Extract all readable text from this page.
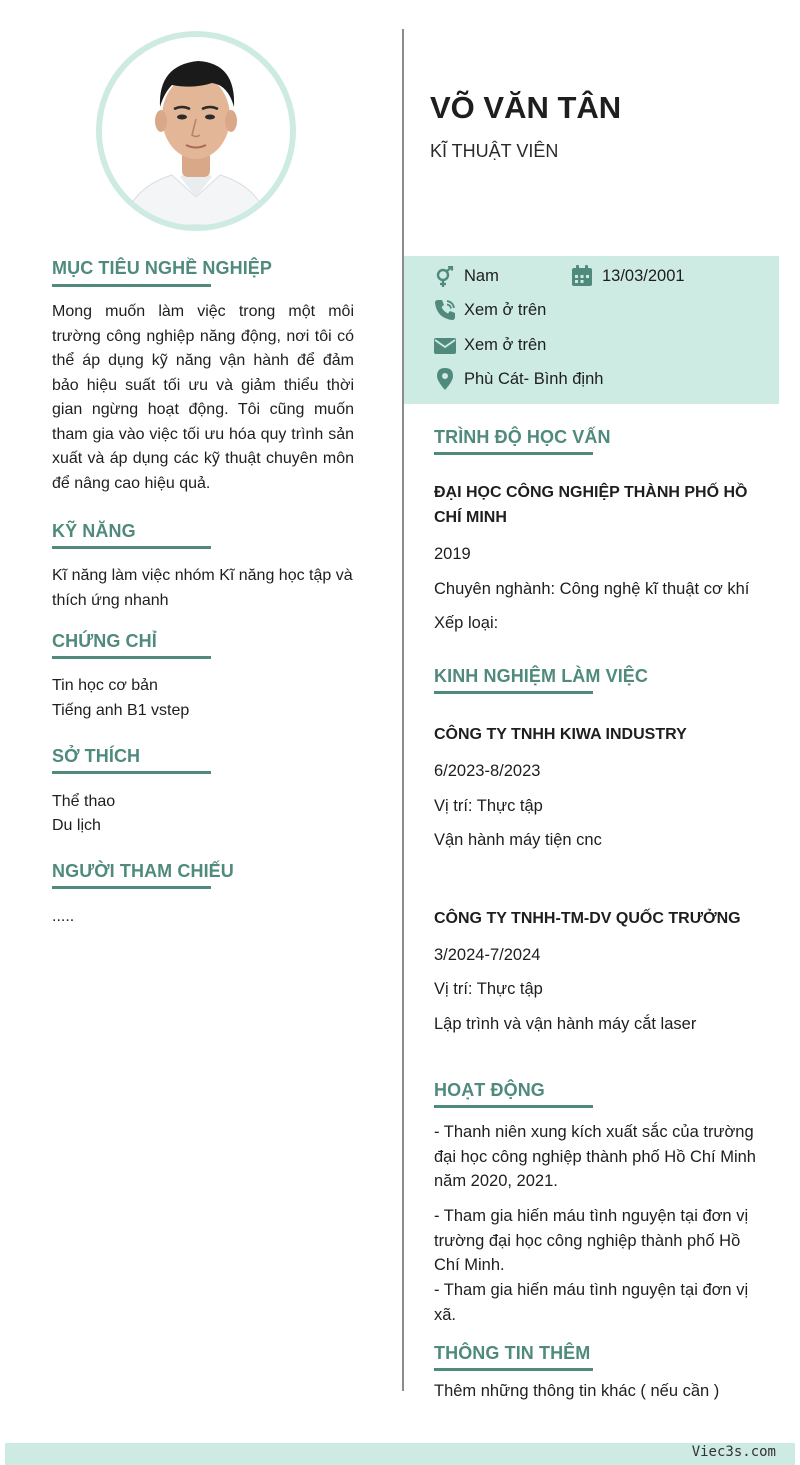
MỤC TIÊU NGHỀ NGHIỆP
Mong muốn làm việc trong một môi trường công nghiệp năng động, nơi tôi có thể áp dụng kỹ năng vận hành để đảm bảo hiệu suất tối ưu và giảm thiểu thời gian ngừng hoạt động. Tôi cũng muốn tham gia vào việc tối ưu hóa quy trình sản xuất và áp dụng các kỹ thuật chuyên môn để nâng cao hiệu quả.
KỸ NĂNG
Kĩ năng làm việc nhóm Kĩ năng học tập và thích ứng nhanh
CHỨNG CHỈ
Tin học cơ bản
Tiếng anh B1 vstep
SỞ THÍCH
Thể thao
Du lịch
NGƯỜI THAM CHIẾU
.....
VÕ VĂN TÂN
KĨ THUẬT VIÊN
Nam	13/03/2001
Xem ở trên
Xem ở trên
Phù Cát- Bình định
TRÌNH ĐỘ HỌC VẤN
ĐẠI HỌC CÔNG NGHIỆP THÀNH PHỐ HỒ
CHÍ MINH
2019
Chuyên nghành: Công nghệ kĩ thuật cơ khí
Xếp loại:
KINH NGHIỆM LÀM VIỆC
CÔNG TY TNHH KIWA INDUSTRY
6/2023-8/2023
Vị trí: Thực tập
Vận hành máy tiện cnc
CÔNG TY TNHH-TM-DV QUỐC TRƯỞNG
3/2024-7/2024
Vị trí: Thực tập
Lập trình và vận hành máy cắt laser
HOẠT ĐỘNG
- Thanh niên xung kích xuất sắc của trường đại học công nghiệp thành phố Hồ Chí Minh năm 2020, 2021.
- Tham gia hiến máu tình nguyện tại đơn vị trường đại học công nghiệp thành phố Hồ Chí Minh.
- Tham gia hiến máu tình nguyện tại đơn vị xã.
THÔNG TIN THÊM
Thêm những thông tin khác ( nếu cần )
Viec3s.com
